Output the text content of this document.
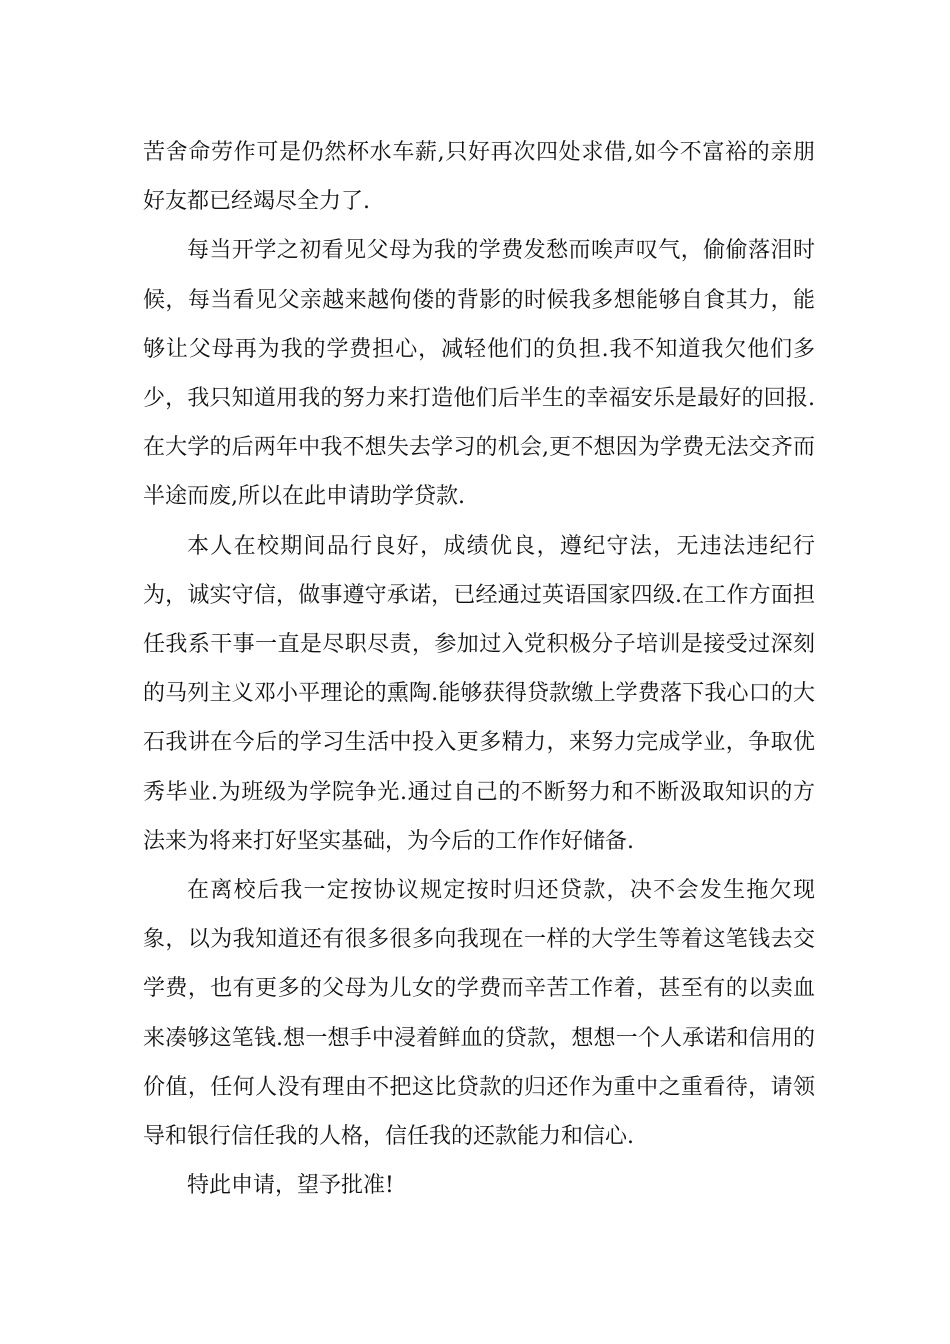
苦舍命劳作可是仍然杯水车薪,只好再次四处求借,如今不富裕的亲朋好友都已经竭尽全力了.

每当开学之初看见父母为我的学费发愁而唉声叹气，偷偷落泪时候，每当看见父亲越来越佝偻的背影的时候我多想能够自食其力，能够让父母再为我的学费担心，减轻他们的负担.我不知道我欠他们多少，我只知道用我的努力来打造他们后半生的幸福安乐是最好的回报.在大学的后两年中我不想失去学习的机会,更不想因为学费无法交齐而半途而废,所以在此申请助学贷款.

本人在校期间品行良好，成绩优良，遵纪守法，无违法违纪行为，诚实守信，做事遵守承诺，已经通过英语国家四级.在工作方面担任我系干事一直是尽职尽责，参加过入党积极分子培训是接受过深刻的马列主义邓小平理论的熏陶.能够获得贷款缴上学费落下我心口的大石我讲在今后的学习生活中投入更多精力，来努力完成学业，争取优秀毕业.为班级为学院争光.通过自己的不断努力和不断汲取知识的方法来为将来打好坚实基础，为今后的工作作好储备.

在离校后我一定按协议规定按时归还贷款，决不会发生拖欠现象，以为我知道还有很多很多向我现在一样的大学生等着这笔钱去交学费，也有更多的父母为儿女的学费而辛苦工作着，甚至有的以卖血来凑够这笔钱.想一想手中浸着鲜血的贷款，想想一个人承诺和信用的价值，任何人没有理由不把这比贷款的归还作为重中之重看待，请领导和银行信任我的人格，信任我的还款能力和信心.

特此申请，望予批准!
